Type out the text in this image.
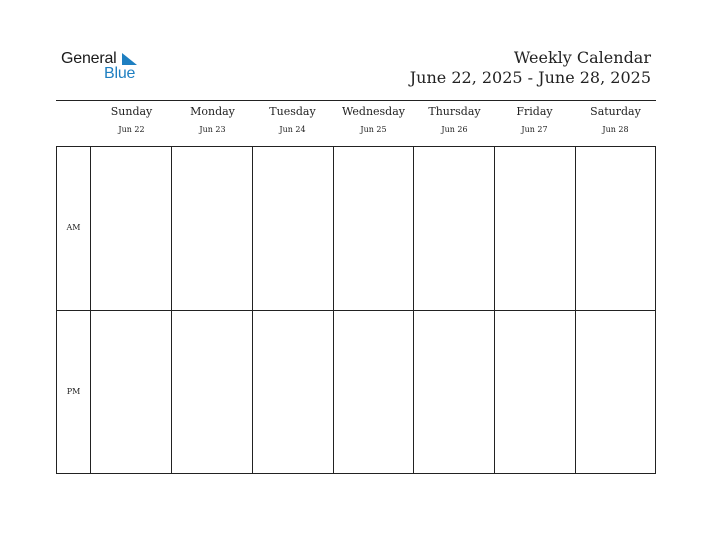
General
Blue
Weekly Calendar
June 22, 2025 - June 28, 2025
Sunday
Jun 22
Monday
Jun 23
Tuesday
Jun 24
Wednesday
Jun 25
Thursday
Jun 26
Friday
Jun 27
Saturday
Jun 28
AM
PM
